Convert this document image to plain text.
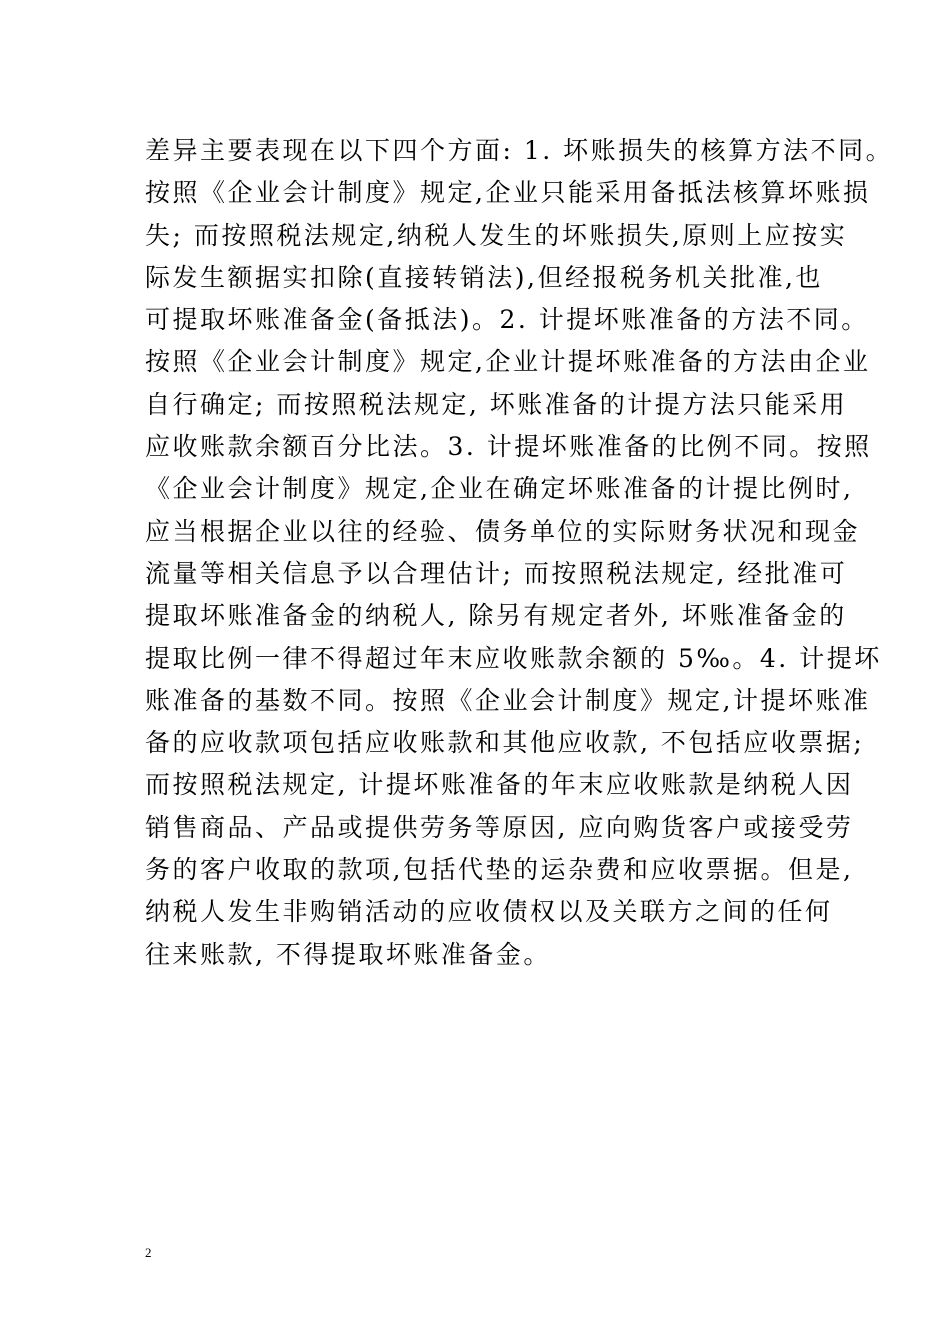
差异主要表现在以下四个方面: 1. 坏账损失的核算方法不同。
按照《企业会计制度》规定,企业只能采用备抵法核算坏账损
失; 而按照税法规定,纳税人发生的坏账损失,原则上应按实
际发生额据实扣除(直接转销法),但经报税务机关批准,也
可提取坏账准备金(备抵法)。2. 计提坏账准备的方法不同。
按照《企业会计制度》规定,企业计提坏账准备的方法由企业
自行确定; 而按照税法规定, 坏账准备的计提方法只能采用
应收账款余额百分比法。3. 计提坏账准备的比例不同。按照
《企业会计制度》规定,企业在确定坏账准备的计提比例时,
应当根据企业以往的经验、债务单位的实际财务状况和现金
流量等相关信息予以合理估计; 而按照税法规定, 经批准可
提取坏账准备金的纳税人, 除另有规定者外, 坏账准备金的
提取比例一律不得超过年末应收账款余额的 5‰。4. 计提坏
账准备的基数不同。按照《企业会计制度》规定,计提坏账准
备的应收款项包括应收账款和其他应收款, 不包括应收票据;
而按照税法规定, 计提坏账准备的年末应收账款是纳税人因
销售商品、产品或提供劳务等原因, 应向购货客户或接受劳
务的客户收取的款项,包括代垫的运杂费和应收票据。但是,
纳税人发生非购销活动的应收债权以及关联方之间的任何
往来账款, 不得提取坏账准备金。
2
